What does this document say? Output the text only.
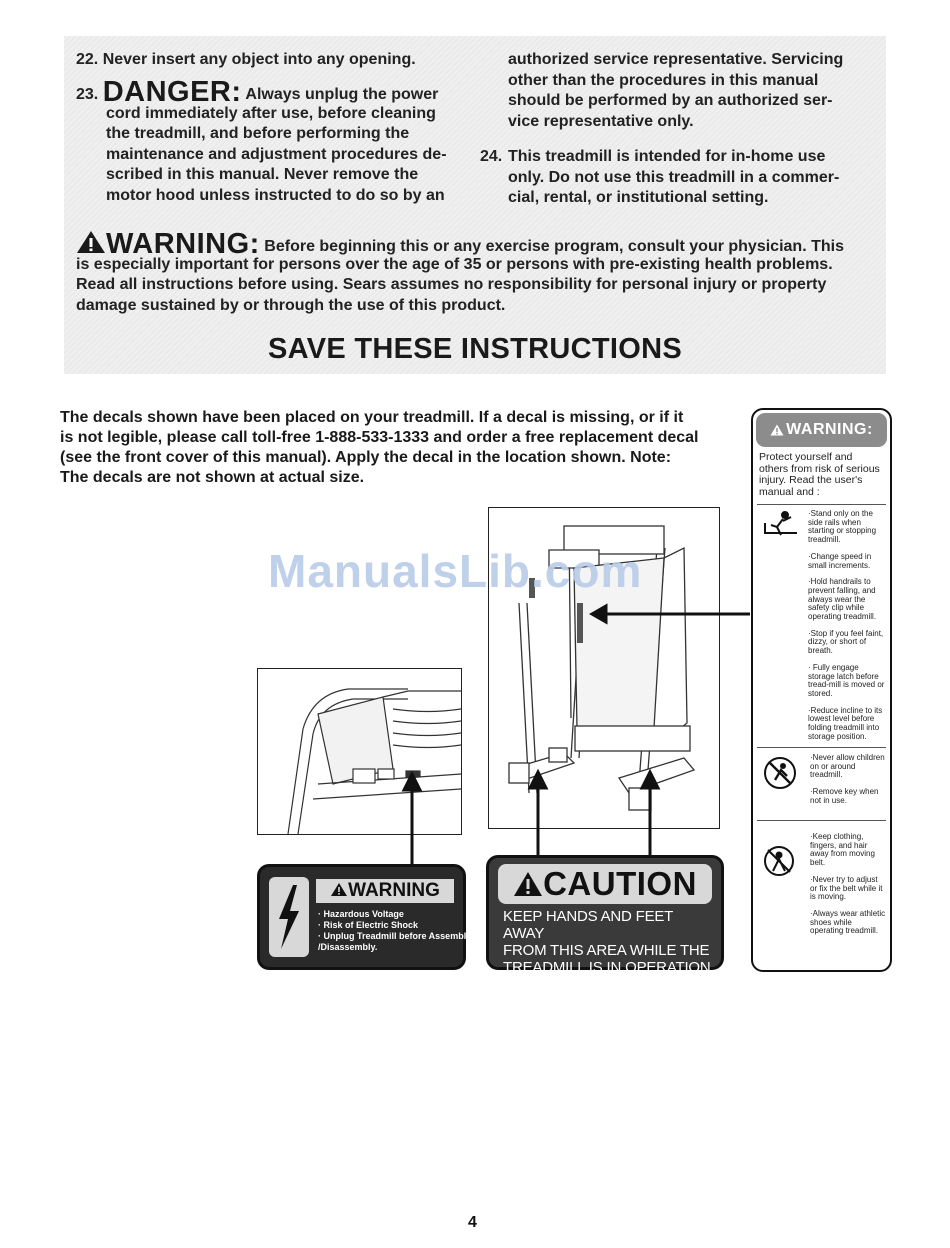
22. Never insert any object into any opening.
23. DANGER: Always unplug the power
cord immediately after use, before cleaning
the treadmill, and before performing the
maintenance and adjustment procedures de-
scribed in this manual. Never remove the
motor hood unless instructed to do so by an
authorized service representative. Servicing
other than the procedures in this manual
should be performed by an authorized ser-
vice representative only.
24. This treadmill is intended for in-home use
only. Do not use this treadmill in a commer-
cial, rental, or institutional setting.
WARNING: Before beginning this or any exercise program, consult your physician. This
is especially important for persons over the age of 35 or persons with pre-existing health problems.
Read all instructions before using. Sears assumes no responsibility for personal injury or property
damage sustained by or through the use of this product.
SAVE THESE INSTRUCTIONS
The decals shown have been placed on your treadmill. If a decal is missing, or if it
is not legible, please call toll-free 1-888-533-1333 and order a free replacement decal
(see the front cover of this manual). Apply the decal in the location shown. Note:
The decals are not shown at actual size.
ManualsLib.com
WARNING:
Protect yourself and others from risk of serious injury. Read the user's manual and :
·Stand only on the side rails when starting or stopping treadmill.
·Change speed in small increments.
·Hold handrails to prevent falling, and always wear the safety clip while operating treadmill.
·Stop if you feel faint, dizzy, or short of breath.
· Fully engage storage latch before tread-mill is moved or stored.
·Reduce incline to its lowest level before folding treadmill into storage position.
·Never allow children on or around treadmill.
·Remove key when not in use.
·Keep clothing, fingers, and hair away from moving belt.
·Never try to adjust or fix the belt while it is moving.
·Always wear athletic shoes while operating treadmill.
WARNING
· Hazardous Voltage
· Risk of Electric Shock
· Unplug Treadmill before Assembly
/Disassembly.
CAUTION
KEEP HANDS AND FEET AWAY
FROM THIS AREA WHILE THE
TREADMILL IS IN OPERATION.
4
